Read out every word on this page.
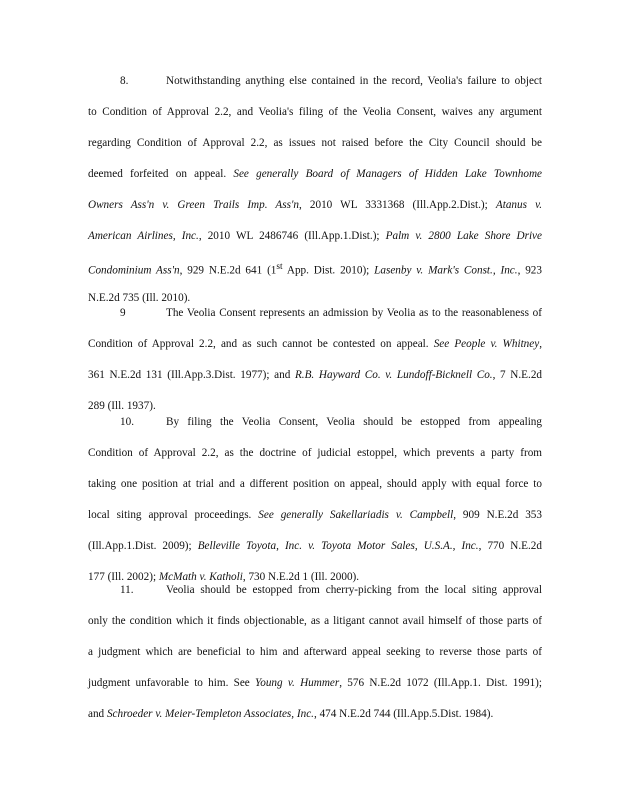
8.	Notwithstanding anything else contained in the record, Veolia's failure to object
to Condition of Approval 2.2, and Veolia's filing of the Veolia Consent, waives any argument
regarding Condition of Approval 2.2, as issues not raised before the City Council should be
deemed forfeited on appeal. See generally Board of Managers of Hidden Lake Townhome
Owners Ass'n v. Green Trails Imp. Ass'n, 2010 WL 3331368 (Ill.App.2.Dist.); Atanus v.
American Airlines, Inc., 2010 WL 2486746 (Ill.App.1.Dist.); Palm v. 2800 Lake Shore Drive
Condominium Ass'n, 929 N.E.2d 641 (1st App. Dist. 2010); Lasenby v. Mark's Const., Inc., 923
N.E.2d 735 (Ill. 2010).
9	The Veolia Consent represents an admission by Veolia as to the reasonableness of
Condition of Approval 2.2, and as such cannot be contested on appeal. See People v. Whitney,
361 N.E.2d 131 (Ill.App.3.Dist. 1977); and R.B. Hayward Co. v. Lundoff-Bicknell Co., 7 N.E.2d
289 (Ill. 1937).
10.	By filing the Veolia Consent, Veolia should be estopped from appealing
Condition of Approval 2.2, as the doctrine of judicial estoppel, which prevents a party from
taking one position at trial and a different position on appeal, should apply with equal force to
local siting approval proceedings. See generally Sakellariadis v. Campbell, 909 N.E.2d 353
(Ill.App.1.Dist. 2009); Belleville Toyota, Inc. v. Toyota Motor Sales, U.S.A., Inc., 770 N.E.2d
177 (Ill. 2002); McMath v. Katholi, 730 N.E.2d 1 (Ill. 2000).
11.	Veolia should be estopped from cherry-picking from the local siting approval
only the condition which it finds objectionable, as a litigant cannot avail himself of those parts of
a judgment which are beneficial to him and afterward appeal seeking to reverse those parts of
judgment unfavorable to him. See Young v. Hummer, 576 N.E.2d 1072 (Ill.App.1. Dist. 1991);
and Schroeder v. Meier-Templeton Associates, Inc., 474 N.E.2d 744 (Ill.App.5.Dist. 1984).
